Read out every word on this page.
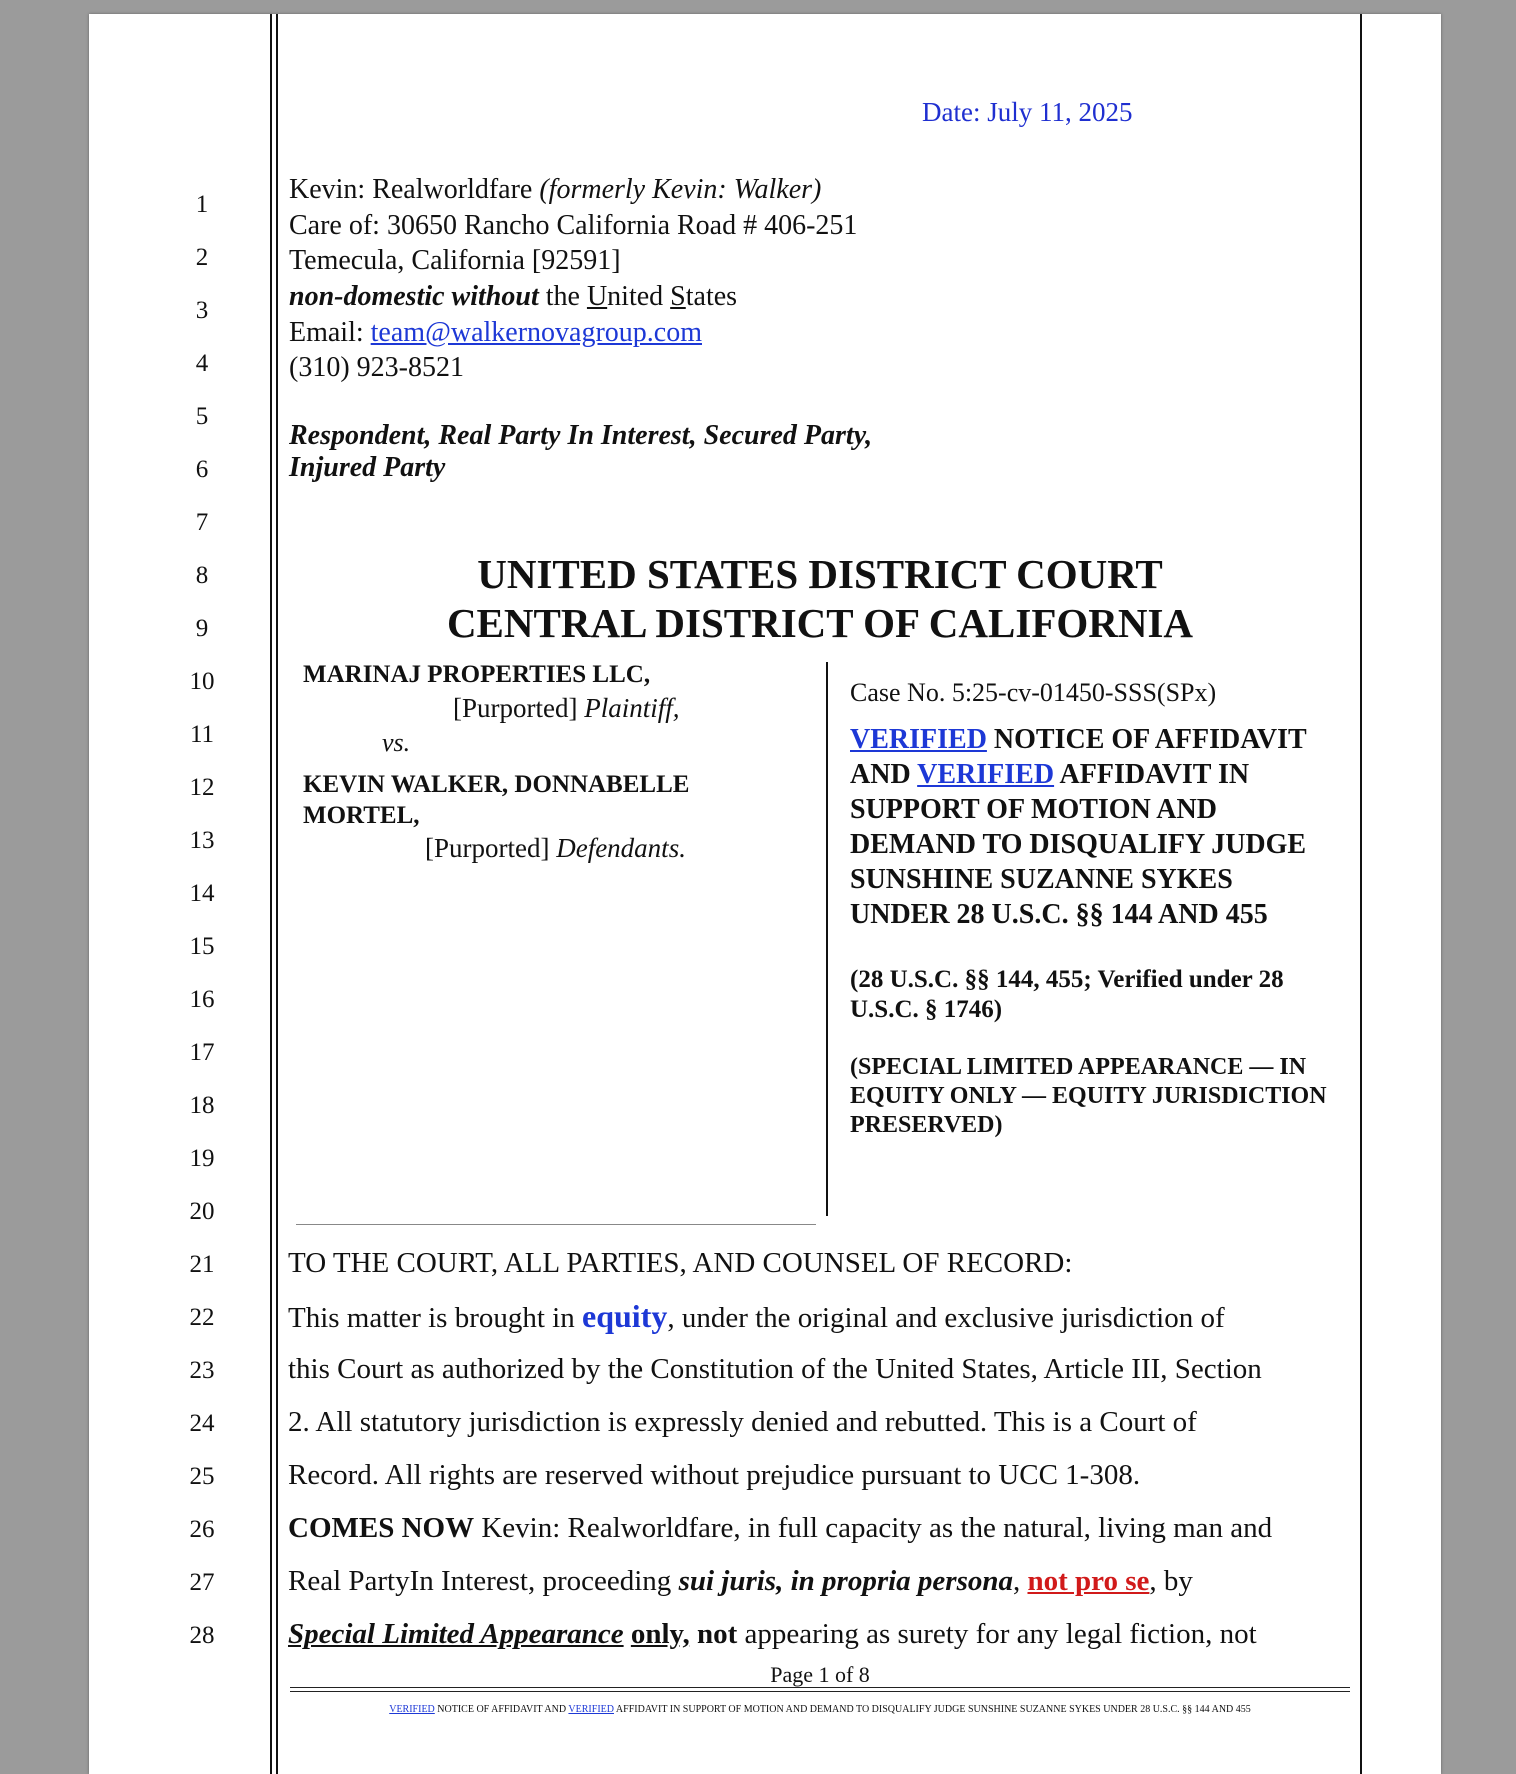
1
2
3
4
5
6
7
8
9
10
11
12
13
14
15
16
17
18
19
20
21
22
23
24
25
26
27
28
Date: July 11, 2025
Kevin: Realworldfare (formerly Kevin: Walker)
Care of: 30650 Rancho California Road # 406-251
Temecula, California [92591]
non-domestic without the United States
Email: team@walkernovagroup.com
(310) 923-8521
Respondent, Real Party In Interest, Secured Party,
Injured Party
UNITED STATES DISTRICT COURT
CENTRAL DISTRICT OF CALIFORNIA
MARINAJ PROPERTIES LLC,
[Purported] Plaintiff,
vs.
KEVIN WALKER, DONNABELLE
MORTEL,
[Purported] Defendants.
Case No. 5:25-cv-01450-SSS(SPx)
VERIFIED NOTICE OF AFFIDAVIT
AND VERIFIED AFFIDAVIT IN
SUPPORT OF MOTION AND
DEMAND TO DISQUALIFY JUDGE
SUNSHINE SUZANNE SYKES
UNDER 28 U.S.C. §§ 144 AND 455
(28 U.S.C. §§ 144, 455; Verified under 28 U.S.C. § 1746)
(SPECIAL LIMITED APPEARANCE — IN EQUITY ONLY — EQUITY JURISDICTION PRESERVED)
TO THE COURT, ALL PARTIES, AND COUNSEL OF RECORD:
This matter is brought in equity, under the original and exclusive jurisdiction of
this Court as authorized by the Constitution of the United States, Article III, Section
2. All statutory jurisdiction is expressly denied and rebutted. This is a Court of
Record. All rights are reserved without prejudice pursuant to UCC 1-308.
COMES NOW Kevin: Realworldfare, in full capacity as the natural, living man and
Real PartyIn Interest, proceeding sui juris, in propria persona, not pro se, by
Special Limited Appearance only, not appearing as surety for any legal fiction, not
Page 1 of 8
VERIFIED NOTICE OF AFFIDAVIT AND VERIFIED AFFIDAVIT IN SUPPORT OF MOTION AND DEMAND TO DISQUALIFY JUDGE SUNSHINE SUZANNE SYKES UNDER 28 U.S.C. §§ 144 AND 455
